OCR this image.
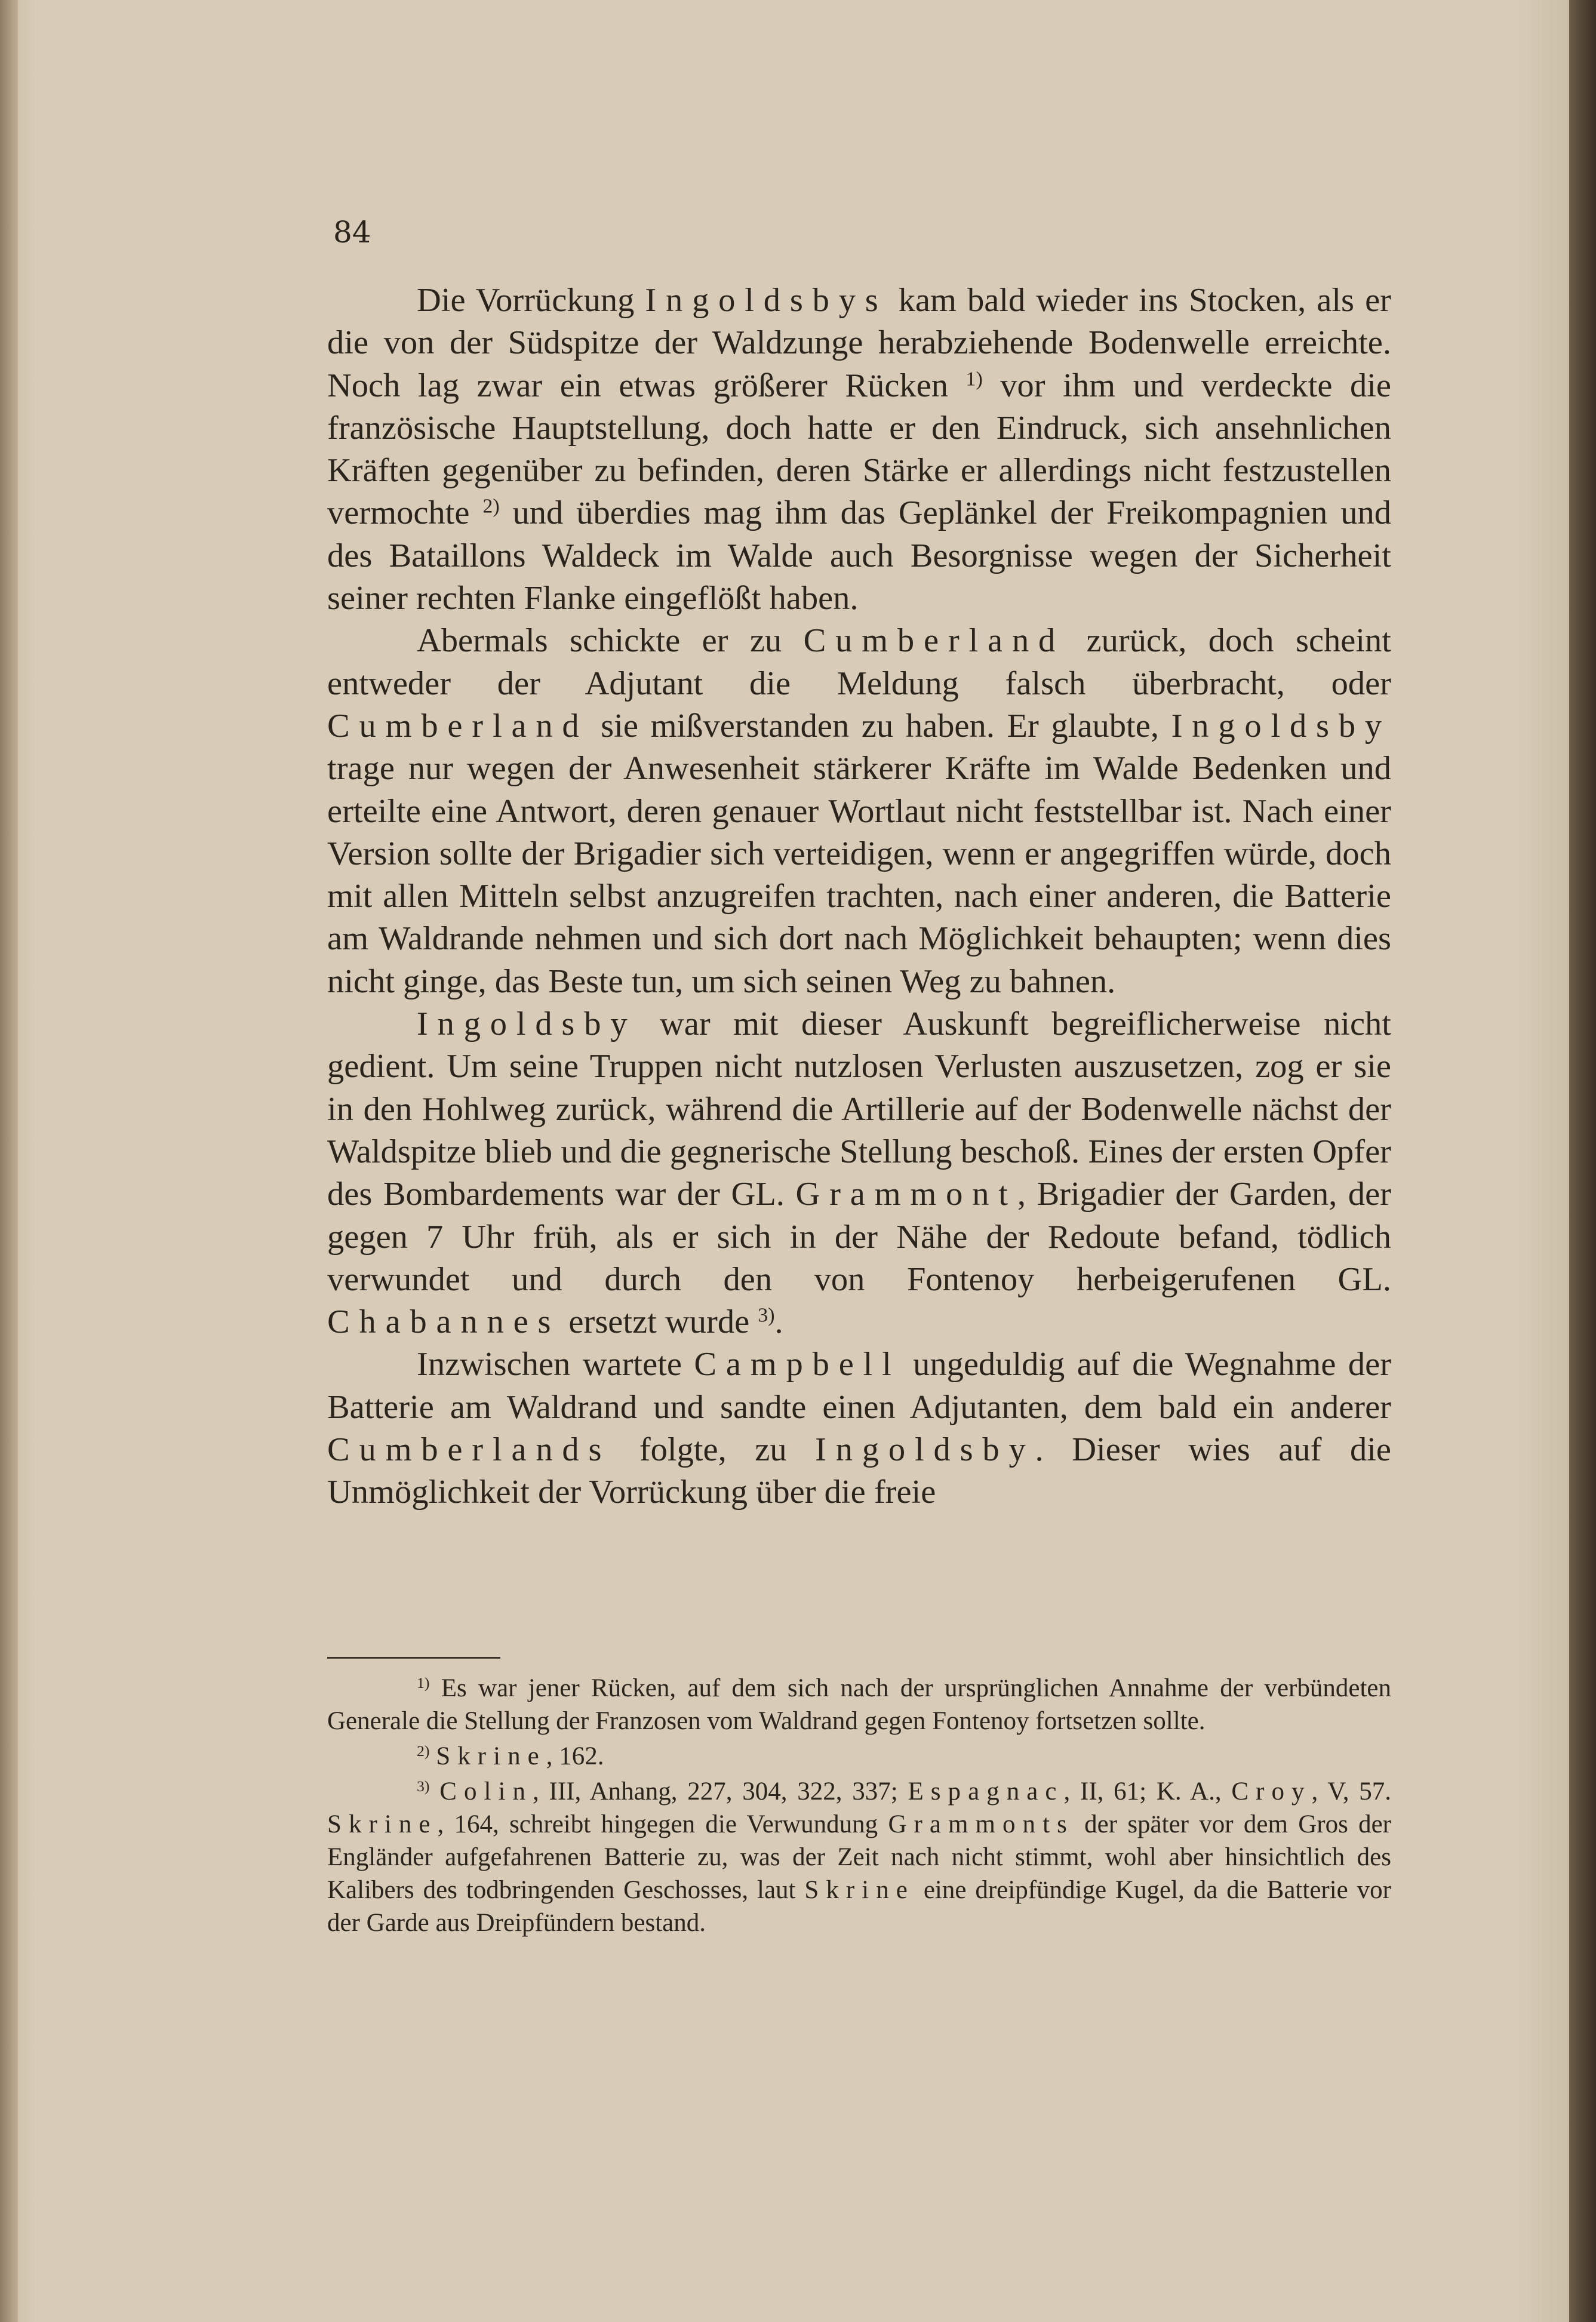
84

Die Vorrückung Ingoldsbys kam bald wieder ins Stocken, als er die von der Südspitze der Waldzunge herabziehende Bodenwelle erreichte. Noch lag zwar ein etwas größerer Rücken $^{1)}$ vor ihm und verdeckte die französische Hauptstellung, doch hatte er den Eindruck, sich ansehnlichen Kräften gegenüber zu befinden, deren Stärke er allerdings nicht festzustellen vermochte $^{2)}$ und überdies mag ihm das Geplänkel der Freikompagnien und des Bataillons Waldeck im Walde auch Besorgnisse wegen der Sicherheit seiner rechten Flanke eingeflößt haben.

Abermals schickte er zu Cumberland zurück, doch scheint entweder der Adjutant die Meldung falsch überbracht, oder Cumberland sie mißverstanden zu haben. Er glaubte, Ingoldsby trage nur wegen der Anwesenheit stärkerer Kräfte im Walde Bedenken und erteilte eine Antwort, deren genauer Wortlaut nicht feststellbar ist. Nach einer Version sollte der Brigadier sich verteidigen, wenn er angegriffen würde, doch mit allen Mitteln selbst anzugreifen trachten, nach einer anderen, die Batterie am Waldrande nehmen und sich dort nach Möglichkeit behaupten; wenn dies nicht ginge, das Beste tun, um sich seinen Weg zu bahnen.

Ingoldsby war mit dieser Auskunft begreiflicherweise nicht gedient. Um seine Truppen nicht nutzlosen Verlusten auszusetzen, zog er sie in den Hohlweg zurück, während die Artillerie auf der Bodenwelle nächst der Waldspitze blieb und die gegnerische Stellung beschoß. Eines der ersten Opfer des Bombardements war der GL. Grammont, Brigadier der Garden, der gegen 7 Uhr früh, als er sich in der Nähe der Redoute befand, tödlich verwundet und durch den von Fontenoy herbeigerufenen GL. Chabannes ersetzt wurde $^{3)}$.

Inzwischen wartete Campbell ungeduldig auf die Wegnahme der Batterie am Waldrand und sandte einen Adjutanten, dem bald ein anderer Cumberlands folgte, zu Ingoldsby. Dieser wies auf die Unmöglichkeit der Vorrückung über die freie

$^{1)}$ Es war jener Rücken, auf dem sich nach der ursprünglichen Annahme der verbündeten Generale die Stellung der Franzosen vom Waldrand gegen Fontenoy fortsetzen sollte.

$^{2)}$ Skrine, 162.

$^{3)}$ Colin, III, Anhang, 227, 304, 322, 337; Espagnac, II, 61; K. A., Croy, V, 57. Skrine, 164, schreibt hingegen die Verwundung Grammonts der später vor dem Gros der Engländer aufgefahrenen Batterie zu, was der Zeit nach nicht stimmt, wohl aber hinsichtlich des Kalibers des todbringenden Geschosses, laut Skrine eine dreipfündige Kugel, da die Batterie vor der Garde aus Dreipfündern bestand.
